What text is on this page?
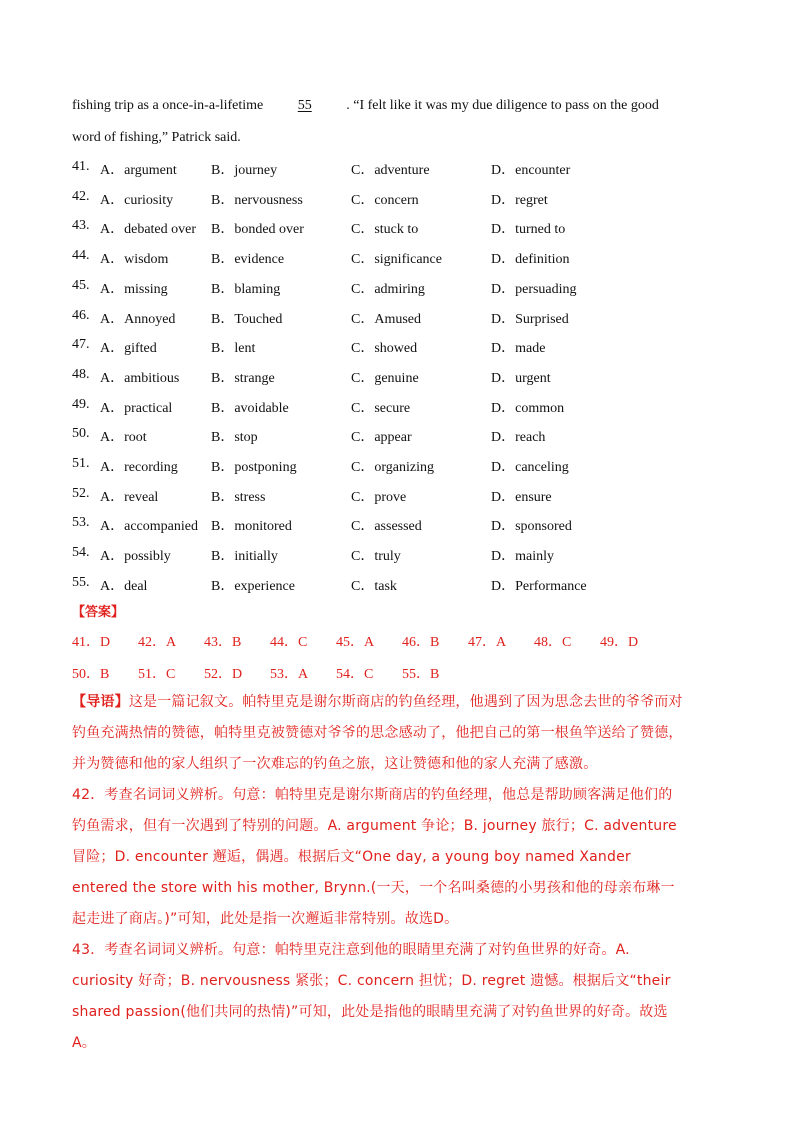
fishing trip as a once-in-a-lifetime 55 . “I felt like it was my due diligence to pass on the good
word of fishing,” Patrick said.
41. A．argument B．journey	C．adventure	D．encounter
42. A．curiosity	B．nervousness	C．concern	D．regret
43. A．debated over B．bonded over	C．stuck to	D．turned to
44. A．wisdom	B．evidence	C．significance	D．definition
45. A．missing	B．blaming	C．admiring	D．persuading
46. A．Annoyed	B．Touched	C．Amused	D．Surprised
47. A．gifted	B．lent	C．showed	D．made
48. A．ambitious B．strange	C．genuine	D．urgent
49. A．practical	B．avoidable	C．secure	D．common
50. A．root	B．stop	C．appear	D．reach
51. A．recording B．postponing	C．organizing	D．canceling
52. A．reveal	B．stress	C．prove	D．ensure
53. A．accompanied B．monitored	C．assessed	D．sponsored
54. A．possibly	B．initially	C．truly	D．mainly
55. A．deal	B．experience	C．task	D．Performance
【答案】
41．D 42．A 43．B 44．C 45．A 46．B 47．A 48．C 49．D
50．B 51．C 52．D 53．A 54．C 55．B
【导语】这是一篇记叙文。帕特里克是谢尔斯商店的钓鱼经理，他遇到了因为思念去世的爷爷而对钓鱼充满热情的赞德，帕特里克被赞德对爷爷的思念感动了，他把自己的第一根鱼竿送给了赞德，并为赞德和他的家人组织了一次难忘的钓鱼之旅，这让赞德和他的家人充满了感激。
42．考查名词词义辨析。句意：帕特里克是谢尔斯商店的钓鱼经理，他总是帮助顾客满足他们的钓鱼需求，但有一次遇到了特别的问题。A. argument 争论；B. journey 旅行；C. adventure 冒险；D. encounter 邂逅，偶遇。根据后文“One day, a young boy named Xander entered the store with his mother, Brynn.(一天，一个名叫桑德的小男孩和他的母亲布琳一起走进了商店。)”可知，此处是指一次邂逅非常特别。故选D。
43．考查名词词义辨析。句意：帕特里克注意到他的眼睛里充满了对钓鱼世界的好奇。A. curiosity 好奇；B. nervousness 紧张；C. concern 担忧；D. regret 遗憾。根据后文“their shared passion(他们共同的热情)”可知，此处是指他的眼睛里充满了对钓鱼世界的好奇。故选A。
